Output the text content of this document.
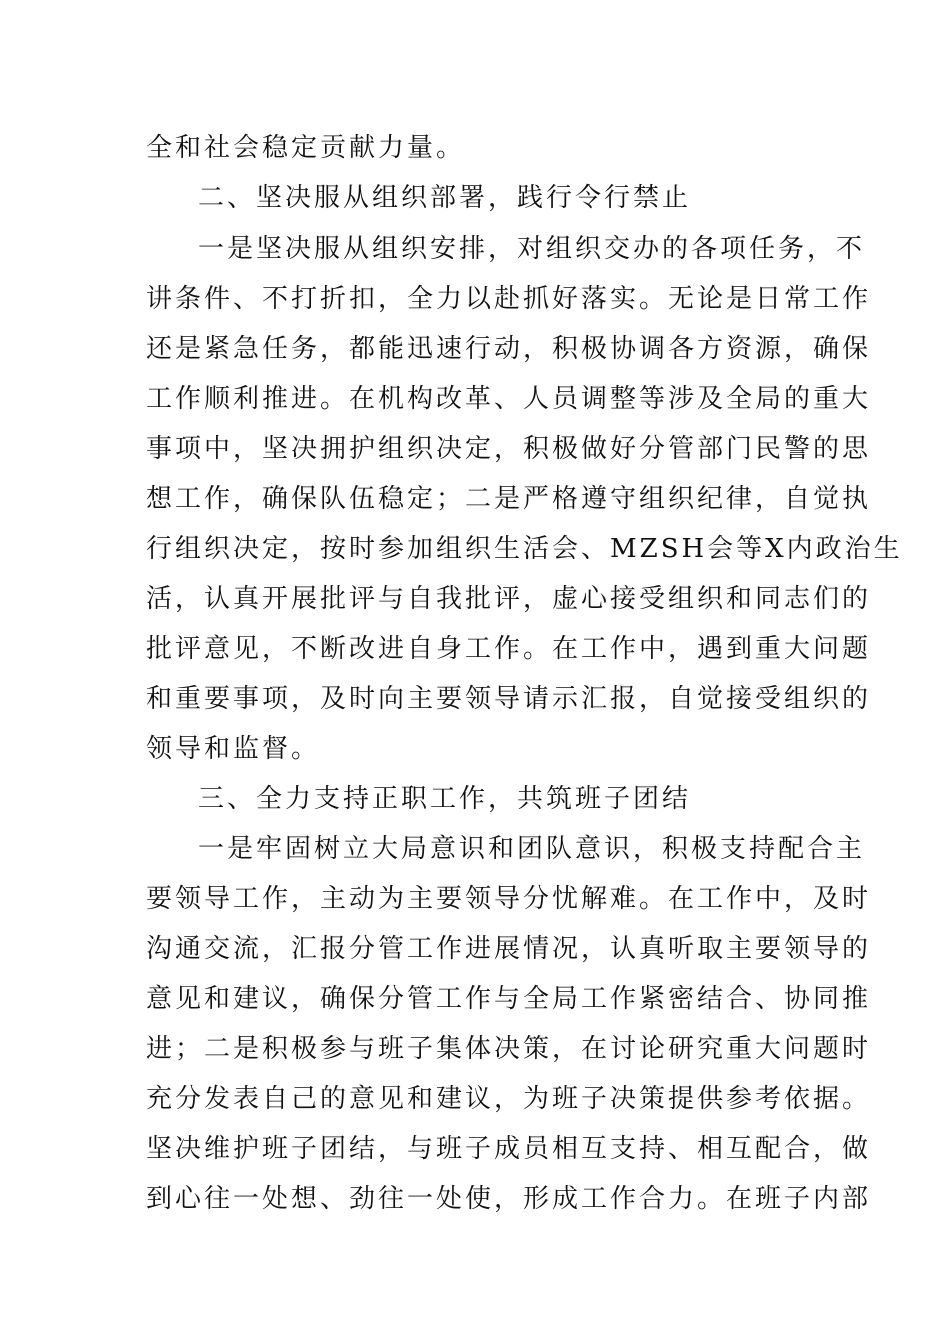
全和社会稳定贡献力量。
二、坚决服从组织部署，践行令行禁止
一是坚决服从组织安排，对组织交办的各项任务，不
讲条件、不打折扣，全力以赴抓好落实。无论是日常工作
还是紧急任务，都能迅速行动，积极协调各方资源，确保
工作顺利推进。在机构改革、人员调整等涉及全局的重大
事项中，坚决拥护组织决定，积极做好分管部门民警的思
想工作，确保队伍稳定；二是严格遵守组织纪律，自觉执
行组织决定，按时参加组织生活会、MZSH会等X内政治生
活，认真开展批评与自我批评，虚心接受组织和同志们的
批评意见，不断改进自身工作。在工作中，遇到重大问题
和重要事项，及时向主要领导请示汇报，自觉接受组织的
领导和监督。
三、全力支持正职工作，共筑班子团结
一是牢固树立大局意识和团队意识，积极支持配合主
要领导工作，主动为主要领导分忧解难。在工作中，及时
沟通交流，汇报分管工作进展情况，认真听取主要领导的
意见和建议，确保分管工作与全局工作紧密结合、协同推
进；二是积极参与班子集体决策，在讨论研究重大问题时
充分发表自己的意见和建议，为班子决策提供参考依据。
坚决维护班子团结，与班子成员相互支持、相互配合，做
到心往一处想、劲往一处使，形成工作合力。在班子内部
